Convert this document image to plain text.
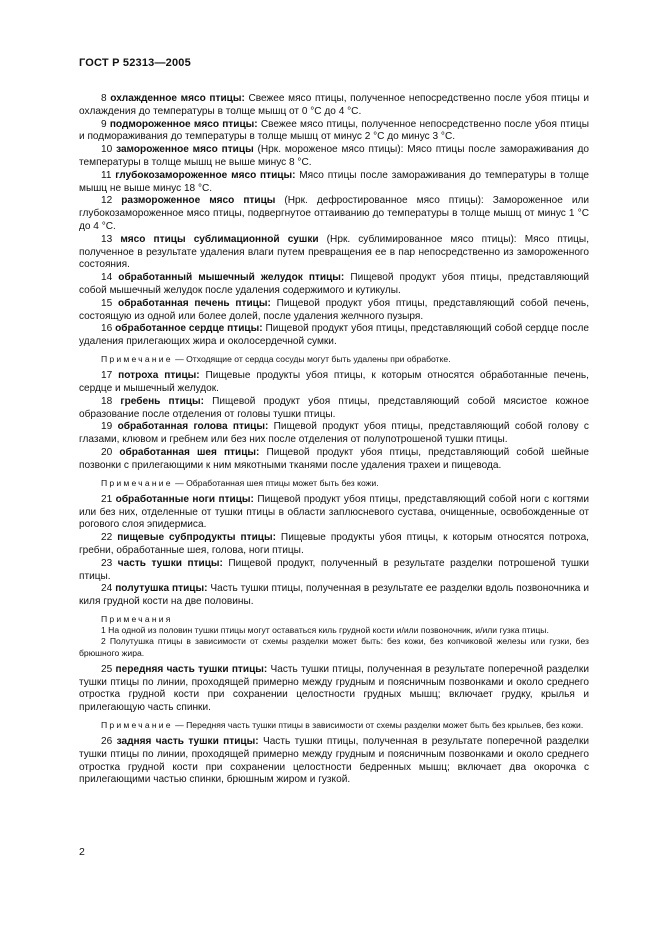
ГОСТ Р 52313—2005

8 охлажденное мясо птицы: Свежее мясо птицы, полученное непосредственно после убоя птицы и охлаждения до температуры в толще мышц от 0 °С до 4 °С.

9 подмороженное мясо птицы: Свежее мясо птицы, полученное непосредственно после убоя птицы и подмораживания до температуры в толще мышц от минус 2 °С до минус 3 °С.

10 замороженное мясо птицы (Нрк. мороженое мясо птицы): Мясо птицы после замораживания до температуры в толще мышц не выше минус 8 °С.

11 глубокозамороженное мясо птицы: Мясо птицы после замораживания до температуры в толще мышц не выше минус 18 °С.

12 размороженное мясо птицы (Нрк. дефростированное мясо птицы): Замороженное или глубокозамороженное мясо птицы, подвергнутое оттаиванию до температуры в толще мышц от минус 1 °С до 4 °С.

13 мясо птицы сублимационной сушки (Нрк. сублимированное мясо птицы): Мясо птицы, полученное в результате удаления влаги путем превращения ее в пар непосредственно из замороженного состояния.

14 обработанный мышечный желудок птицы: Пищевой продукт убоя птицы, представляющий собой мышечный желудок после удаления содержимого и кутикулы.

15 обработанная печень птицы: Пищевой продукт убоя птицы, представляющий собой печень, состоящую из одной или более долей, после удаления желчного пузыря.

16 обработанное сердце птицы: Пищевой продукт убоя птицы, представляющий собой сердце после удаления прилегающих жира и околосердечной сумки.

Примечание — Отходящие от сердца сосуды могут быть удалены при обработке.

17 потроха птицы: Пищевые продукты убоя птицы, к которым относятся обработанные печень, сердце и мышечный желудок.

18 гребень птицы: Пищевой продукт убоя птицы, представляющий собой мясистое кожное образование после отделения от головы тушки птицы.

19 обработанная голова птицы: Пищевой продукт убоя птицы, представляющий собой голову с глазами, клювом и гребнем или без них после отделения от полупотрошеной тушки птицы.

20 обработанная шея птицы: Пищевой продукт убоя птицы, представляющий собой шейные позвонки с прилегающими к ним мякотными тканями после удаления трахеи и пищевода.

Примечание — Обработанная шея птицы может быть без кожи.

21 обработанные ноги птицы: Пищевой продукт убоя птицы, представляющий собой ноги с когтями или без них, отделенные от тушки птицы в области заплюсневого сустава, очищенные, освобожденные от рогового слоя эпидермиса.

22 пищевые субпродукты птицы: Пищевые продукты убоя птицы, к которым относятся потроха, гребни, обработанные шея, голова, ноги птицы.

23 часть тушки птицы: Пищевой продукт, полученный в результате разделки потрошеной тушки птицы.

24 полутушка птицы: Часть тушки птицы, полученная в результате ее разделки вдоль позвоночника и киля грудной кости на две половины.

Примечания

1 На одной из половин тушки птицы могут оставаться киль грудной кости и/или позвоночник, и/или гузка птицы.

2 Полутушка птицы в зависимости от схемы разделки может быть: без кожи, без копчиковой железы или гузки, без брюшного жира.

25 передняя часть тушки птицы: Часть тушки птицы, полученная в результате поперечной разделки тушки птицы по линии, проходящей примерно между грудным и поясничным позвонками и около среднего отростка грудной кости при сохранении целостности грудных мышц; включает грудку, крылья и прилегающую часть спинки.

Примечание — Передняя часть тушки птицы в зависимости от схемы разделки может быть без крыльев, без кожи.

26 задняя часть тушки птицы: Часть тушки птицы, полученная в результате поперечной разделки тушки птицы по линии, проходящей примерно между грудным и поясничным позвонками и около среднего отростка грудной кости при сохранении целостности бедренных мышц; включает два окорочка с прилегающими частью спинки, брюшным жиром и гузкой.

2
